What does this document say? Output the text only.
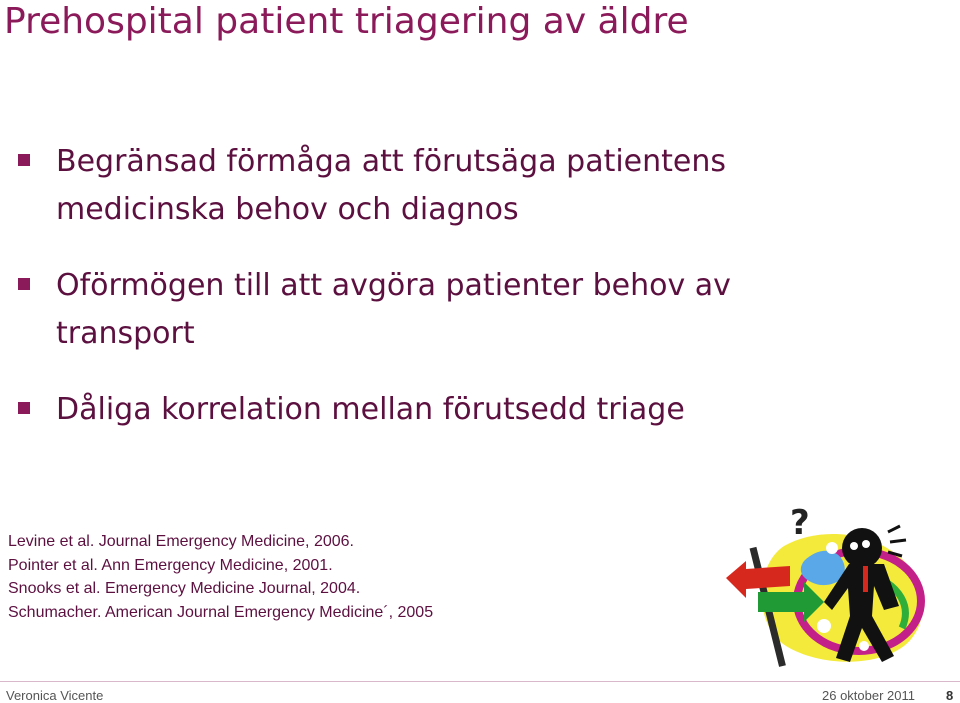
Prehospital patient triagering av äldre
Begränsad förmåga att förutsäga patientens medicinska behov och diagnos
Oförmögen till att avgöra patienter behov av transport
Dåliga korrelation mellan förutsedd triage
Levine et al. Journal Emergency Medicine, 2006.
Pointer et al. Ann Emergency Medicine, 2001.
Snooks et al. Emergency Medicine Journal, 2004.
Schumacher. American Journal Emergency Medicine´, 2005
?
Veronica Vicente	26 oktober 2011 8
